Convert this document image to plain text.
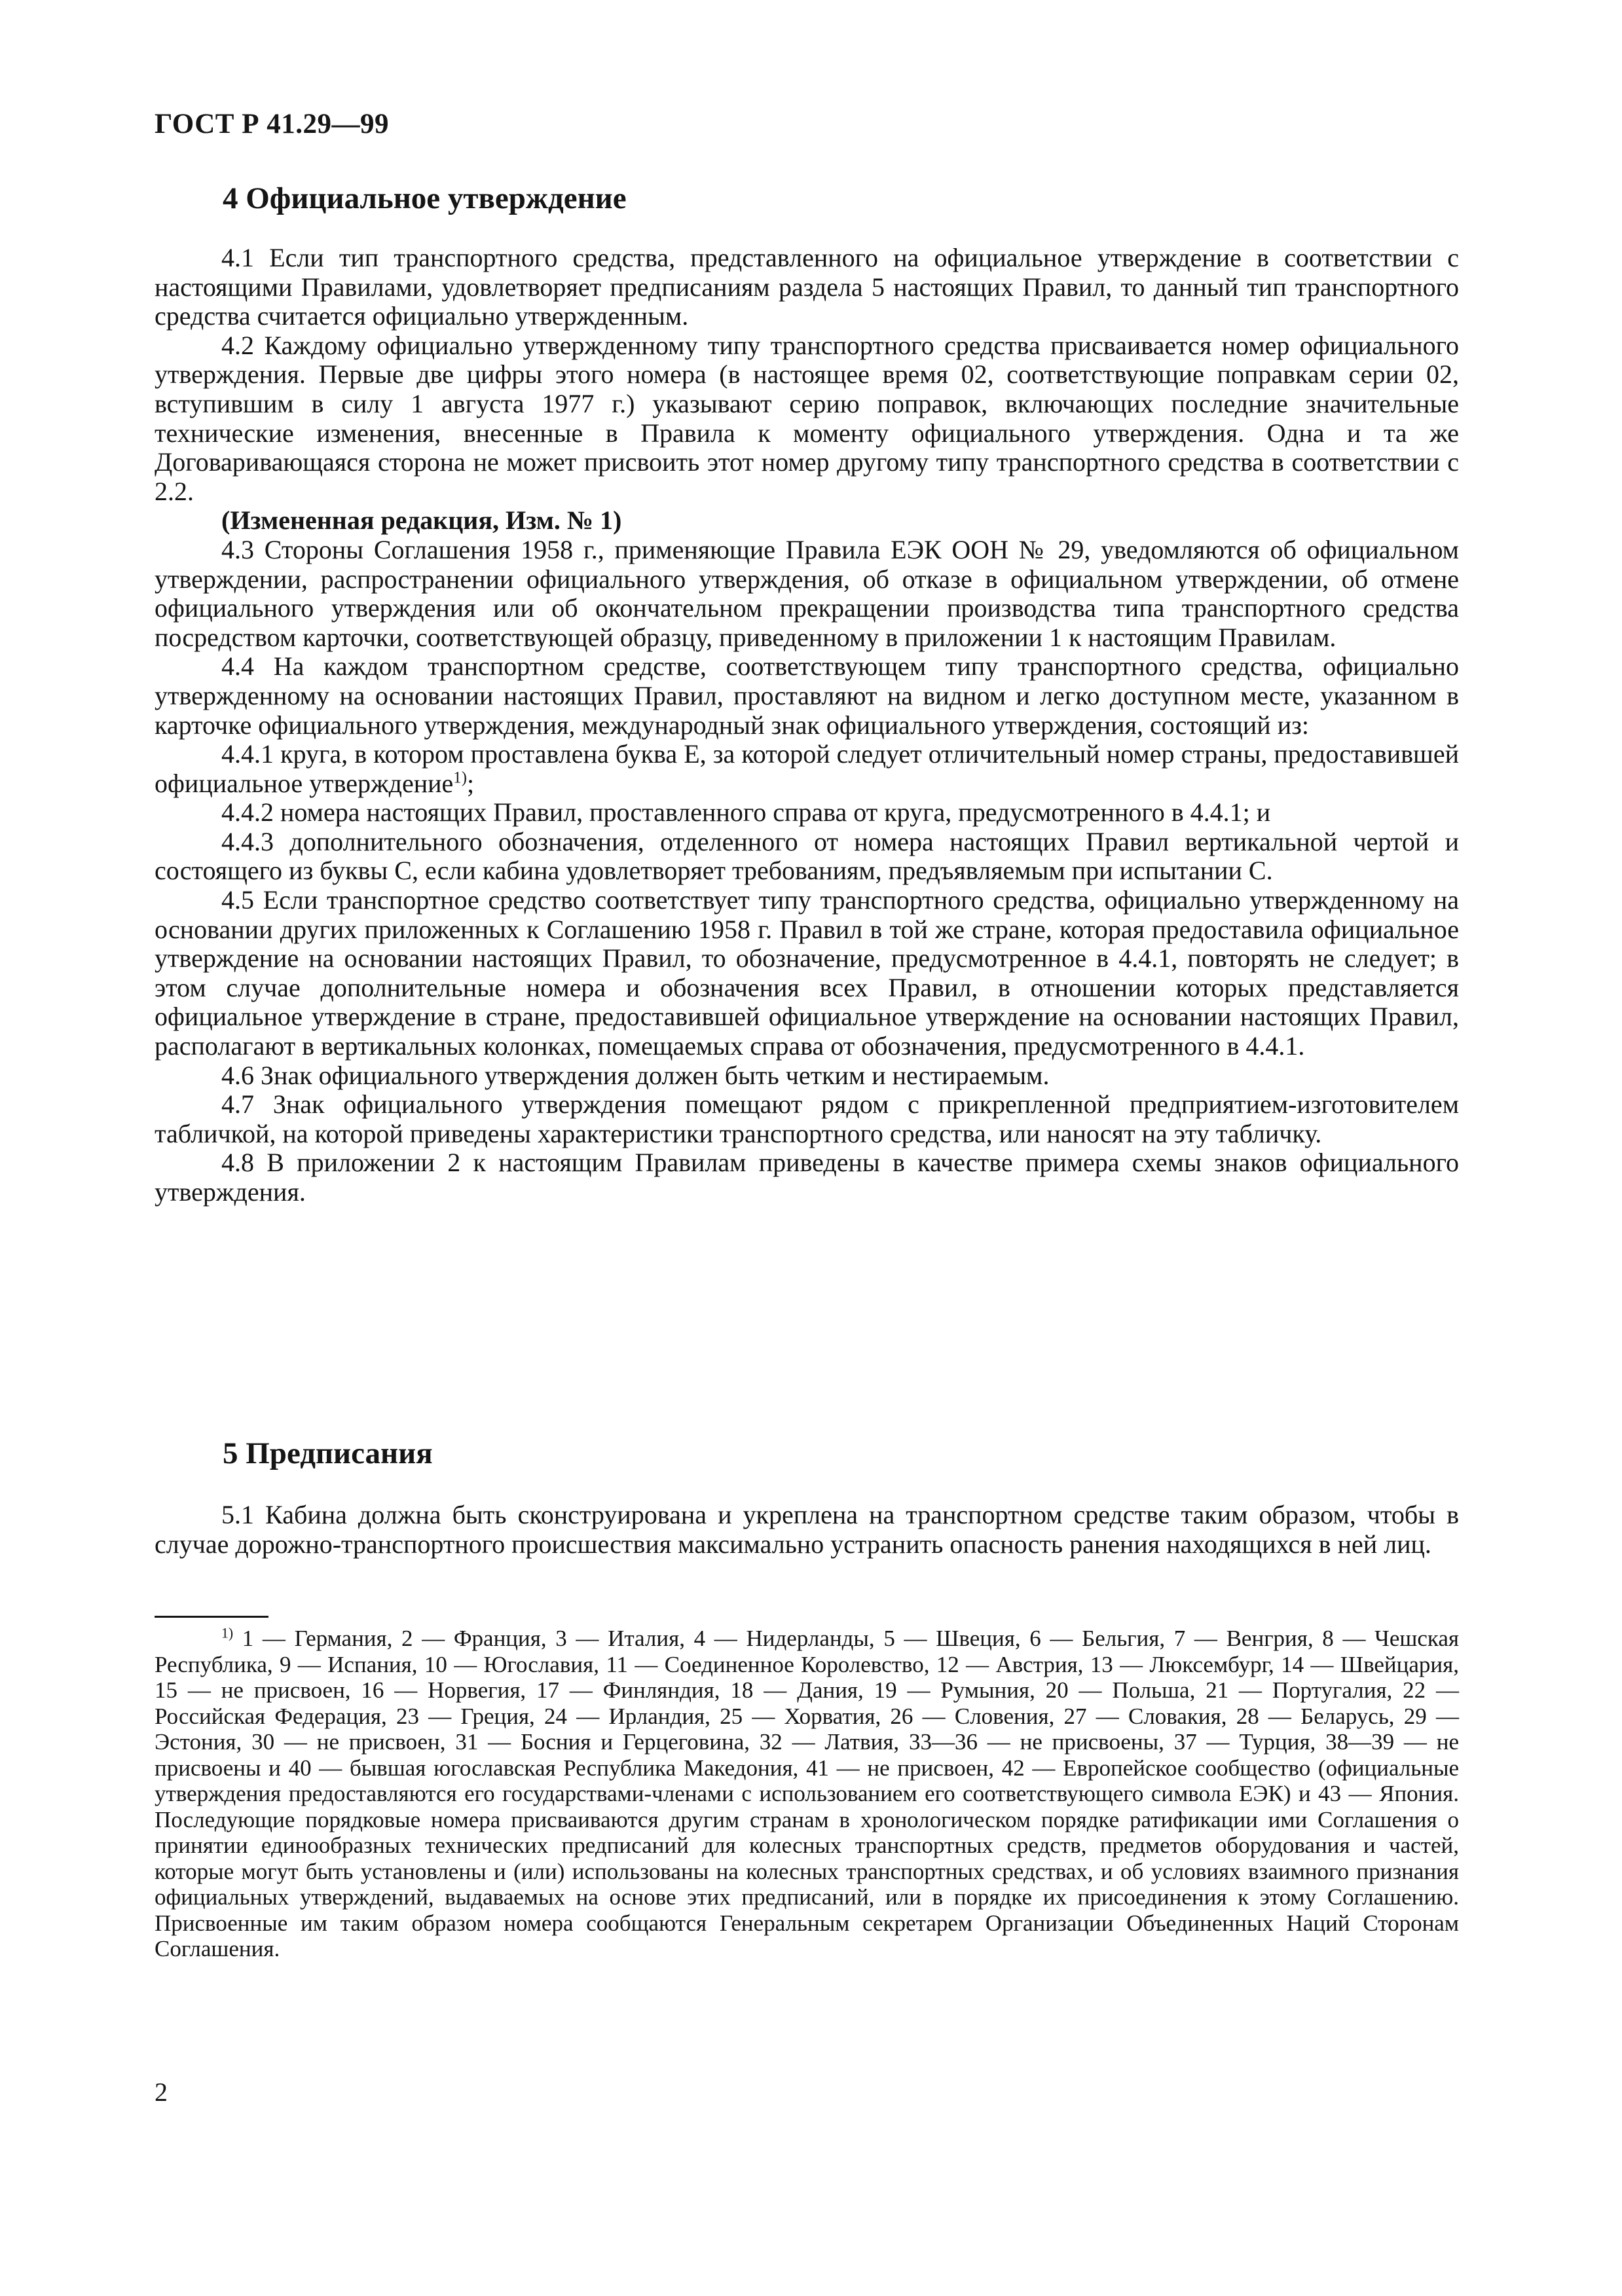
ГОСТ Р 41.29—99
4 Официальное утверждение

4.1 Если тип транспортного средства, представленного на официальное утверждение в соответствии с настоящими Правилами, удовлетворяет предписаниям раздела 5 настоящих Правил, то данный тип транспортного средства считается официально утвержденным.

4.2 Каждому официально утвержденному типу транспортного средства присваивается номер официального утверждения. Первые две цифры этого номера (в настоящее время 02, соответствующие поправкам серии 02, вступившим в силу 1 августа 1977 г.) указывают серию поправок, включающих последние значительные технические изменения, внесенные в Правила к моменту официального утверждения. Одна и та же Договаривающаяся сторона не может присвоить этот номер другому типу транспортного средства в соответствии с 2.2.

(Измененная редакция, Изм. № 1)

4.3 Стороны Соглашения 1958 г., применяющие Правила ЕЭК ООН № 29, уведомляются об официальном утверждении, распространении официального утверждения, об отказе в официальном утверждении, об отмене официального утверждения или об окончательном прекращении производства типа транспортного средства посредством карточки, соответствующей образцу, приведенному в приложении 1 к настоящим Правилам.

4.4 На каждом транспортном средстве, соответствующем типу транспортного средства, официально утвержденному на основании настоящих Правил, проставляют на видном и легко доступном месте, указанном в карточке официального утверждения, международный знак официального утверждения, состоящий из:

4.4.1 круга, в котором проставлена буква Е, за которой следует отличительный номер страны, предоставившей официальное утверждение$^{1)}$;

4.4.2 номера настоящих Правил, проставленного справа от круга, предусмотренного в 4.4.1; и

4.4.3 дополнительного обозначения, отделенного от номера настоящих Правил вертикальной чертой и состоящего из буквы С, если кабина удовлетворяет требованиям, предъявляемым при испытании С.

4.5 Если транспортное средство соответствует типу транспортного средства, официально утвержденному на основании других приложенных к Соглашению 1958 г. Правил в той же стране, которая предоставила официальное утверждение на основании настоящих Правил, то обозначение, предусмотренное в 4.4.1, повторять не следует; в этом случае дополнительные номера и обозначения всех Правил, в отношении которых представляется официальное утверждение в стране, предоставившей официальное утверждение на основании настоящих Правил, располагают в вертикальных колонках, помещаемых справа от обозначения, предусмотренного в 4.4.1.

4.6 Знак официального утверждения должен быть четким и нестираемым.

4.7 Знак официального утверждения помещают рядом с прикрепленной предприятием-изготовителем табличкой, на которой приведены характеристики транспортного средства, или наносят на эту табличку.

4.8 В приложении 2 к настоящим Правилам приведены в качестве примера схемы знаков официального утверждения.

5 Предписания

5.1 Кабина должна быть сконструирована и укреплена на транспортном средстве таким образом, чтобы в случае дорожно-транспортного происшествия максимально устранить опасность ранения находящихся в ней лиц.

$^{1)}$ 1 — Германия, 2 — Франция, 3 — Италия, 4 — Нидерланды, 5 — Швеция, 6 — Бельгия, 7 — Венгрия, 8 — Чешская Республика, 9 — Испания, 10 — Югославия, 11 — Соединенное Королевство, 12 — Австрия, 13 — Люксембург, 14 — Швейцария, 15 — не присвоен, 16 — Норвегия, 17 — Финляндия, 18 — Дания, 19 — Румыния, 20 — Польша, 21 — Португалия, 22 — Российская Федерация, 23 — Греция, 24 — Ирландия, 25 — Хорватия, 26 — Словения, 27 — Словакия, 28 — Беларусь, 29 — Эстония, 30 — не присвоен, 31 — Босния и Герцеговина, 32 — Латвия, 33—36 — не присвоены, 37 — Турция, 38—39 — не присвоены и 40 — бывшая югославская Республика Македония, 41 — не присвоен, 42 — Европейское сообщество (официальные утверждения предоставляются его государствами-членами с использованием его соответствующего символа ЕЭК) и 43 — Япония. Последующие порядковые номера присваиваются другим странам в хронологическом порядке ратификации ими Соглашения о принятии единообразных технических предписаний для колесных транспортных средств, предметов оборудования и частей, которые могут быть установлены и (или) использованы на колесных транспортных средствах, и об условиях взаимного признания официальных утверждений, выдаваемых на основе этих предписаний, или в порядке их присоединения к этому Соглашению. Присвоенные им таким образом номера сообщаются Генеральным секретарем Организации Объединенных Наций Сторонам Соглашения.

2
